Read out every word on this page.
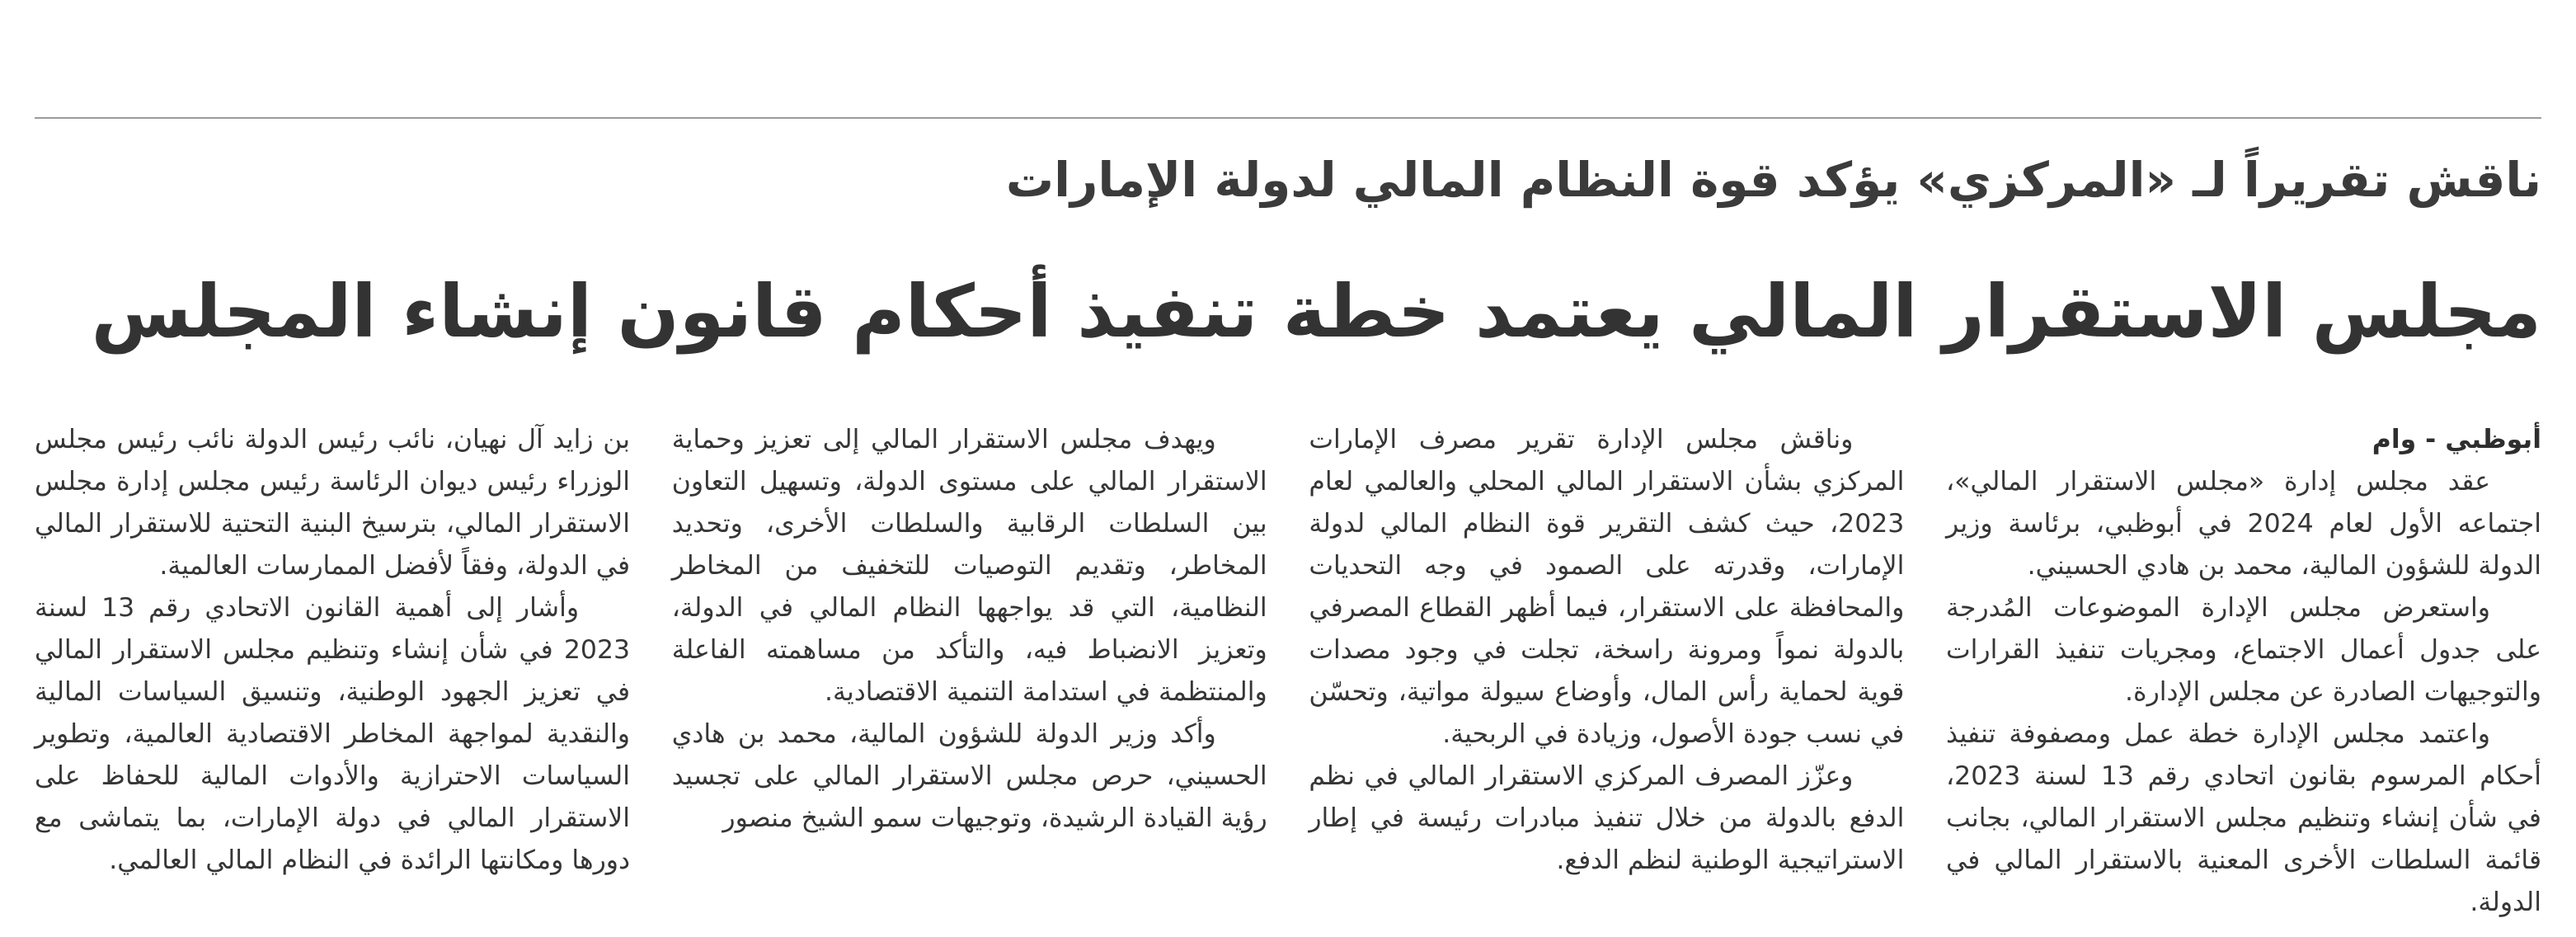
ناقش تقريراً لـ «المركزي» يؤكد قوة النظام المالي لدولة الإمارات
مجلس الاستقرار المالي يعتمد خطة تنفيذ أحكام قانون إنشاء المجلس

أبوظبي - وام

عقد مجلس إدارة «مجلس الاستقرار المالي»، اجتماعه الأول لعام 2024 في أبوظبي، برئاسة وزير الدولة للشؤون المالية، محمد بن هادي الحسيني.

واستعرض مجلس الإدارة الموضوعات المُدرجة على جدول أعمال الاجتماع، ومجريات تنفيذ القرارات والتوجيهات الصادرة عن مجلس الإدارة.

واعتمد مجلس الإدارة خطة عمل ومصفوفة تنفيذ أحكام المرسوم بقانون اتحادي رقم 13 لسنة 2023، في شأن إنشاء وتنظيم مجلس الاستقرار المالي، بجانب قائمة السلطات الأخرى المعنية بالاستقرار المالي في الدولة.

وناقش مجلس الإدارة تقرير مصرف الإمارات المركزي بشأن الاستقرار المالي المحلي والعالمي لعام 2023، حيث كشف التقرير قوة النظام المالي لدولة الإمارات، وقدرته على الصمود في وجه التحديات والمحافظة على الاستقرار، فيما أظهر القطاع المصرفي بالدولة نمواً ومرونة راسخة، تجلت في وجود مصدات قوية لحماية رأس المال، وأوضاع سيولة مواتية، وتحسّن في نسب جودة الأصول، وزيادة في الربحية.

وعزّز المصرف المركزي الاستقرار المالي في نظم الدفع بالدولة من خلال تنفيذ مبادرات رئيسة في إطار الاستراتيجية الوطنية لنظم الدفع.

ويهدف مجلس الاستقرار المالي إلى تعزيز وحماية الاستقرار المالي على مستوى الدولة، وتسهيل التعاون بين السلطات الرقابية والسلطات الأخرى، وتحديد المخاطر، وتقديم التوصيات للتخفيف من المخاطر النظامية، التي قد يواجهها النظام المالي في الدولة، وتعزيز الانضباط فيه، والتأكد من مساهمته الفاعلة والمنتظمة في استدامة التنمية الاقتصادية.

وأكد وزير الدولة للشؤون المالية، محمد بن هادي الحسيني، حرص مجلس الاستقرار المالي على تجسيد رؤية القيادة الرشيدة، وتوجيهات سمو الشيخ منصور

بن زايد آل نهيان، نائب رئيس الدولة نائب رئيس مجلس الوزراء رئيس ديوان الرئاسة رئيس مجلس إدارة مجلس الاستقرار المالي، بترسيخ البنية التحتية للاستقرار المالي في الدولة، وفقاً لأفضل الممارسات العالمية.

وأشار إلى أهمية القانون الاتحادي رقم 13 لسنة 2023 في شأن إنشاء وتنظيم مجلس الاستقرار المالي في تعزيز الجهود الوطنية، وتنسيق السياسات المالية والنقدية لمواجهة المخاطر الاقتصادية العالمية، وتطوير السياسات الاحترازية والأدوات المالية للحفاظ على الاستقرار المالي في دولة الإمارات، بما يتماشى مع دورها ومكانتها الرائدة في النظام المالي العالمي.
